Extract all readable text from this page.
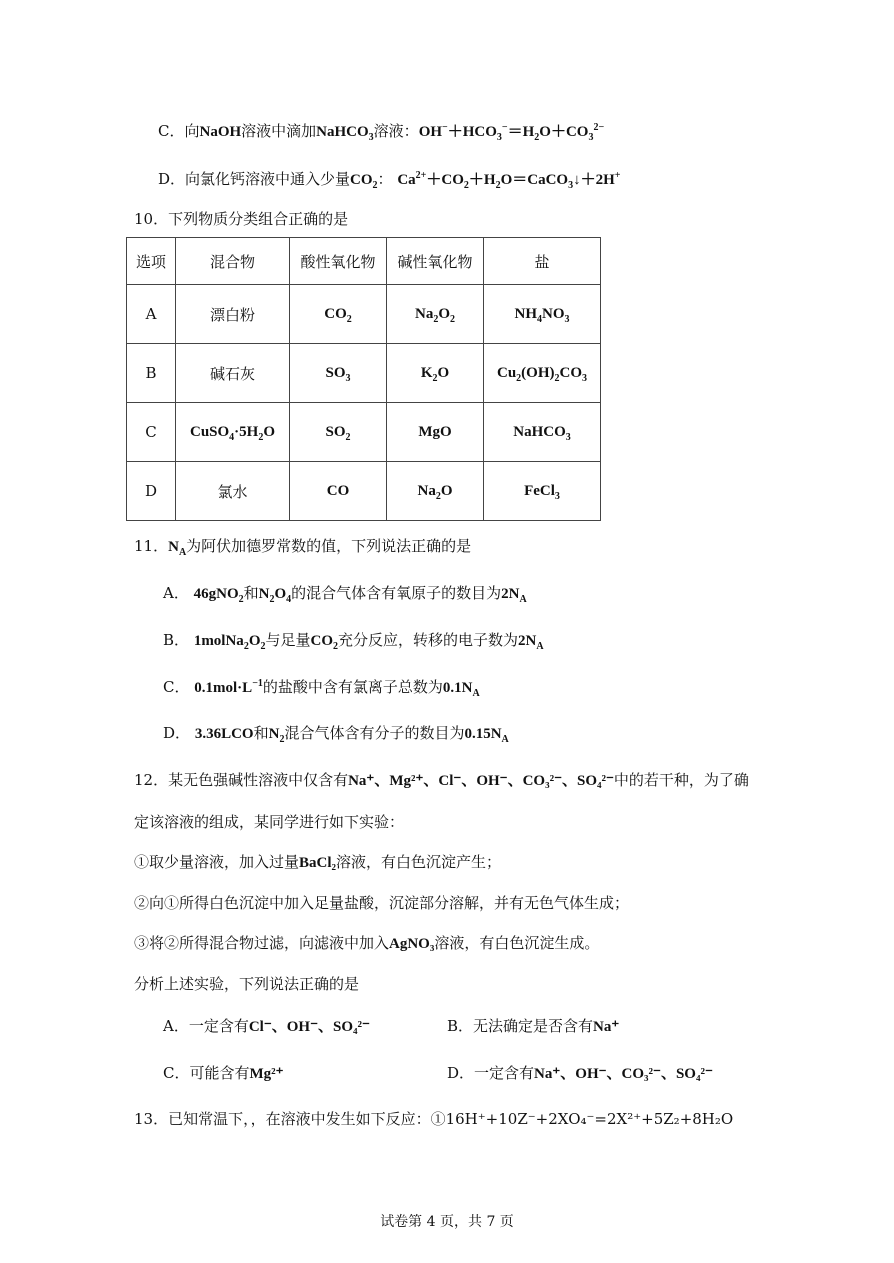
C．向NaOH溶液中滴加NaHCO$_3$溶液：$OH^-+HCO_3^-=H_2O+CO_3^{2-}$
D．向氯化钙溶液中通入少量$CO_2$： $Ca^{2+}+CO_2+H_2O=CaCO_3↓+2H^+$
10．下列物质分类组合正确的是
选项	混合物	酸性氧化物	碱性氧化物	盐
A	漂白粉	$CO_2$	$Na_2O_2$	$NH_4NO_3$
B	碱石灰	$SO_3$	$K_2O$	$Cu_2(OH)_2CO_3$
C	$CuSO_4\cdot 5H_2O$	$SO_2$	MgO	NaHCO$_3$
D	氯水	CO	$Na_2O$	FeCl$_3$
11．$N_A$为阿伏加德罗常数的值，下列说法正确的是
A． 46gNO$_2$和$N_2O_4$的混合气体含有氧原子的数目为$2N_A$
B． $1molNa_2O_2$与足量$CO_2$充分反应，转移的电子数为$2N_A$
C． $0.1mol\cdot L^{-1}$的盐酸中含有氯离子总数为$0.1N_A$
D． 3.36LCO和$N_2$混合气体含有分子的数目为$0.15N_A$
12．某无色强碱性溶液中仅含有Na⁺、Mg²⁺、Cl⁻、OH⁻、CO₃²⁻、SO₄²⁻中的若干种，为了确
定该溶液的组成，某同学进行如下实验：
①取少量溶液，加入过量BaCl₂溶液，有白色沉淀产生；
②向①所得白色沉淀中加入足量盐酸，沉淀部分溶解，并有无色气体生成；
③将②所得混合物过滤，向滤液中加入AgNO₃溶液，有白色沉淀生成。
分析上述实验，下列说法正确的是
A．一定含有Cl⁻、OH⁻、SO₄²⁻	B．无法确定是否含有Na⁺
C．可能含有Mg²⁺	D．一定含有Na⁺、OH⁻、CO₃²⁻、SO₄²⁻
13．已知常温下，，在溶液中发生如下反应：①16H⁺+10Z⁻+2XO₄⁻=2X²⁺+5Z₂+8H₂O
试卷第 4 页，共 7 页
